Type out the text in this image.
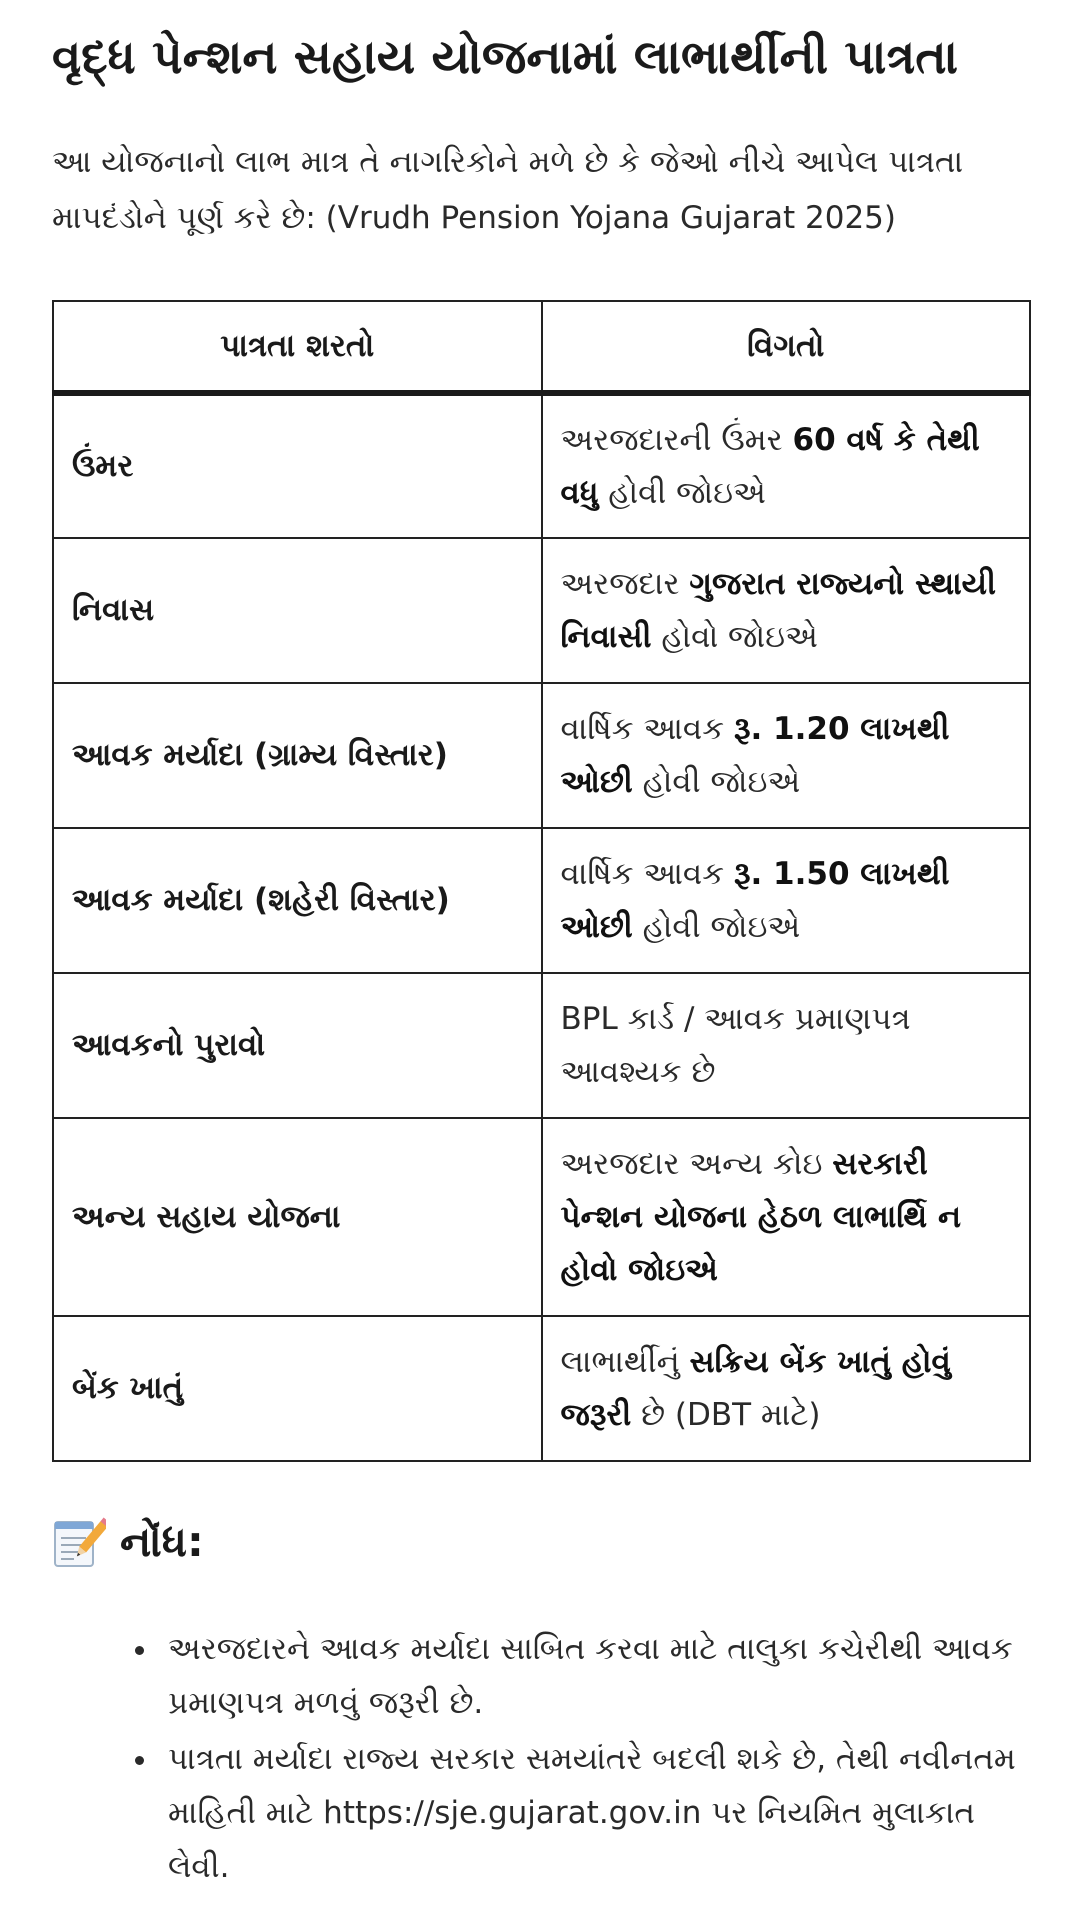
વૃદ્ધ પેન્શન સહાય યોજનામાં લાભાર્થીની પાત્રતા

આ યોજનાનો લાભ માત્ર તે નાગરિકોને મળે છે કે જેઓ નીચે આપેલ પાત્રતા માપદંડોને પૂર્ણ કરે છે: (Vrudh Pension Yojana Gujarat 2025)

પાત્રતા શરતો	વિગતો
ઉંમર	અરજદારની ઉંમર 60 વર્ષ કે તેથી વધુ હોવી જોઇએ
નિવાસ	અરજદાર ગુજરાત રાજ્યનો સ્થાયી નિવાસી હોવો જોઇએ
આવક મર્યાદા (ગ્રામ્ય વિસ્તાર)	વાર્ષિક આવક રૂ. 1.20 લાખથી ઓછી હોવી જોઇએ
આવક મર્યાદા (શહેરી વિસ્તાર)	વાર્ષિક આવક રૂ. 1.50 લાખથી ઓછી હોવી જોઇએ
આવકનો પુરાવો	BPL કાર્ડ / આવક પ્રમાણપત્ર આવશ્યક છે
અન્ય સહાય યોજના	અરજદાર અન્ય કોઇ સરકારી પેન્શન યોજના હેઠળ લાભાર્થિ ન હોવો જોઇએ
બેંક ખાતું	લાભાર્થીનું સક્રિય બેંક ખાતું હોવું જરૂરી છે (DBT માટે)
નોંધ:
• અરજદારને આવક મર્યાદા સાબિત કરવા માટે તાલુકા કચેરીથી આવક પ્રમાણપત્ર મળવું જરૂરી છે.
• પાત્રતા મર્યાદા રાજ્ય સરકાર સમયાંતરે બદલી શકે છે, તેથી નવીનતમ માહિતી માટે https://sje.gujarat.gov.in પર નિયમિત મુલાકાત લેવી.
